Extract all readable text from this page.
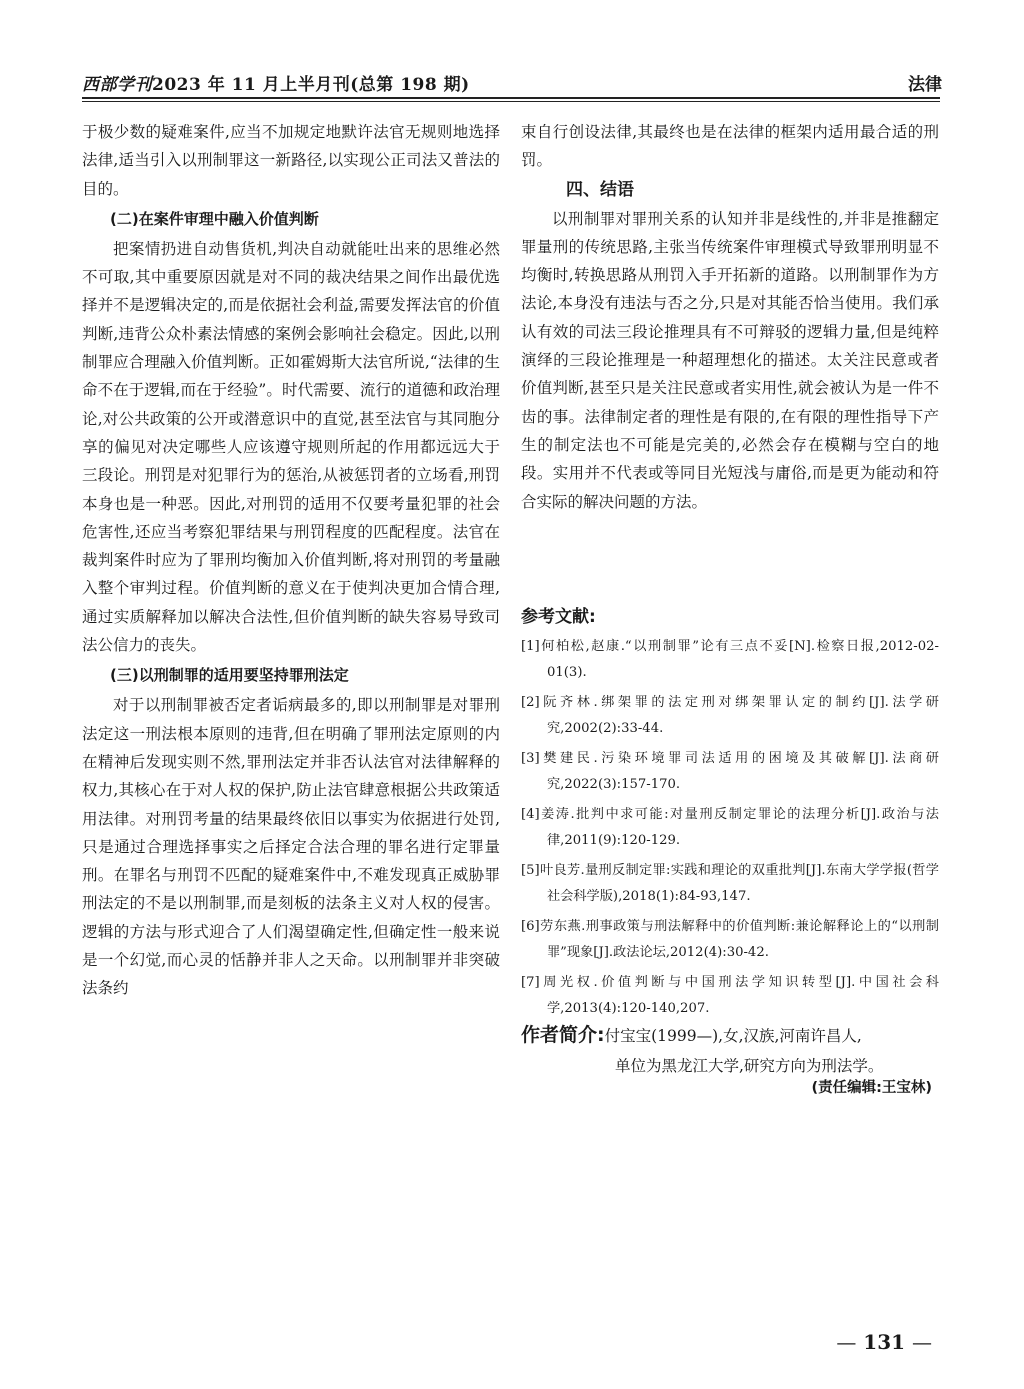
西部学刊2023 年 11 月上半月刊(总第 198 期)	法律

于极少数的疑难案件,应当不加规定地默许法官无规则地选择法律,适当引入以刑制罪这一新路径,以实现公正司法又普法的目的。

(二)在案件审理中融入价值判断

把案情扔进自动售货机,判决自动就能吐出来的思维必然不可取,其中重要原因就是对不同的裁决结果之间作出最优选择并不是逻辑决定的,而是依据社会利益,需要发挥法官的价值判断,违背公众朴素法情感的案例会影响社会稳定。因此,以刑制罪应合理融入价值判断。正如霍姆斯大法官所说,“法律的生命不在于逻辑,而在于经验”。时代需要、流行的道德和政治理论,对公共政策的公开或潜意识中的直觉,甚至法官与其同胞分享的偏见对决定哪些人应该遵守规则所起的作用都远远大于三段论。刑罚是对犯罪行为的惩治,从被惩罚者的立场看,刑罚本身也是一种恶。因此,对刑罚的适用不仅要考量犯罪的社会危害性,还应当考察犯罪结果与刑罚程度的匹配程度。法官在裁判案件时应为了罪刑均衡加入价值判断,将对刑罚的考量融入整个审判过程。价值判断的意义在于使判决更加合情合理,通过实质解释加以解决合法性,但价值判断的缺失容易导致司法公信力的丧失。

(三)以刑制罪的适用要坚持罪刑法定

对于以刑制罪被否定者诟病最多的,即以刑制罪是对罪刑法定这一刑法根本原则的违背,但在明确了罪刑法定原则的内在精神后发现实则不然,罪刑法定并非否认法官对法律解释的权力,其核心在于对人权的保护,防止法官肆意根据公共政策适用法律。对刑罚考量的结果最终依旧以事实为依据进行处罚,只是通过合理选择事实之后择定合法合理的罪名进行定罪量刑。在罪名与刑罚不匹配的疑难案件中,不难发现真正威胁罪刑法定的不是以刑制罪,而是刻板的法条主义对人权的侵害。逻辑的方法与形式迎合了人们渴望确定性,但确定性一般来说是一个幻觉,而心灵的恬静并非人之天命。以刑制罪并非突破法条约

束自行创设法律,其最终也是在法律的框架内适用最合适的刑罚。

四、结语

以刑制罪对罪刑关系的认知并非是线性的,并非是推翻定罪量刑的传统思路,主张当传统案件审理模式导致罪刑明显不均衡时,转换思路从刑罚入手开拓新的道路。以刑制罪作为方法论,本身没有违法与否之分,只是对其能否恰当使用。我们承认有效的司法三段论推理具有不可辩驳的逻辑力量,但是纯粹演绎的三段论推理是一种超理想化的描述。太关注民意或者价值判断,甚至只是关注民意或者实用性,就会被认为是一件不齿的事。法律制定者的理性是有限的,在有限的理性指导下产生的制定法也不可能是完美的,必然会存在模糊与空白的地段。实用并不代表或等同目光短浅与庸俗,而是更为能动和符合实际的解决问题的方法。

参考文献:

[1]何柏松,赵康.“以刑制罪”论有三点不妥[N].检察日报,2012-02-01(3).

[2]阮齐林.绑架罪的法定刑对绑架罪认定的制约[J].法学研究,2002(2):33-44.

[3]樊建民.污染环境罪司法适用的困境及其破解[J].法商研究,2022(3):157-170.

[4]姜涛.批判中求可能:对量刑反制定罪论的法理分析[J].政治与法律,2011(9):120-129.

[5]叶良芳.量刑反制定罪:实践和理论的双重批判[J].东南大学学报(哲学社会科学版),2018(1):84-93,147.

[6]劳东燕.刑事政策与刑法解释中的价值判断:兼论解释论上的“以刑制罪”现象[J].政法论坛,2012(4):30-42.

[7]周光权.价值判断与中国刑法学知识转型[J].中国社会科学,2013(4):120-140,207.

作者简介:付宝宝(1999—),女,汉族,河南许昌人,
单位为黑龙江大学,研究方向为刑法学。
(责任编辑:王宝林)
— 131 —
